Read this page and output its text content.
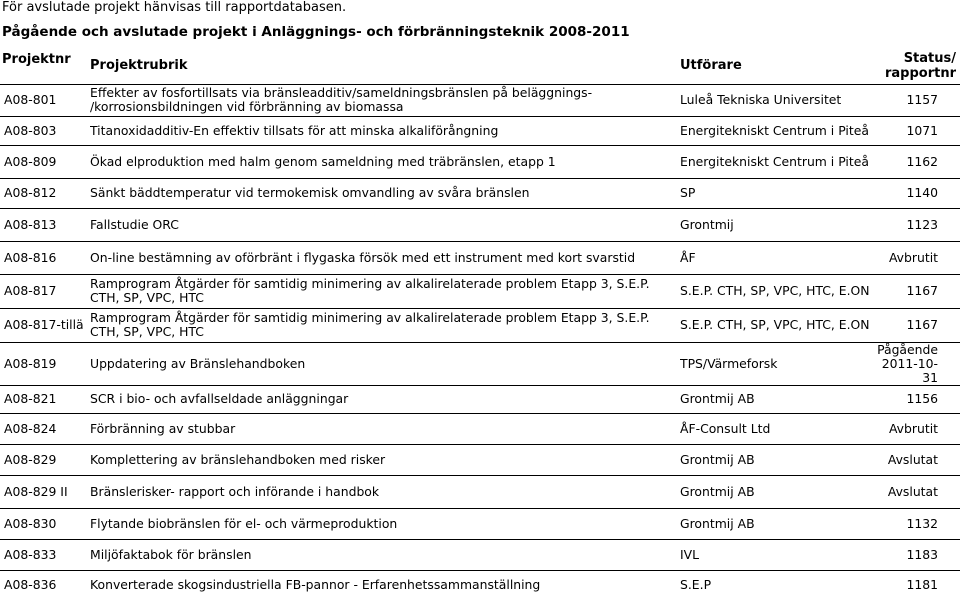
För avslutade projekt hänvisas till rapportdatabasen.
Pågående och avslutade projekt i Anläggnings- och förbränningsteknik 2008-2011
Projektnr	Projektrubrik	Utförare	Status/ rapportnr
A08-801	Effekter av fosfortillsats via bränsleadditiv/sameldningsbränslen på beläggnings- /korrosionsbildningen vid förbränning av biomassa	Luleå Tekniska Universitet	1157
A08-803	Titanoxidadditiv-En effektiv tillsats för att minska alkaliförångning	Energitekniskt Centrum i Piteå	1071
A08-809	Ökad elproduktion med halm genom sameldning med träbränslen, etapp 1	Energitekniskt Centrum i Piteå	1162
A08-812	Sänkt bäddtemperatur vid termokemisk omvandling av svåra bränslen	SP	1140
A08-813	Fallstudie ORC	Grontmij	1123
A08-816	On-line bestämning av oförbränt i flygaska försök med ett instrument med kort svarstid	ÅF	Avbrutit
A08-817	Ramprogram Åtgärder för samtidig minimering av alkalirelaterade problem Etapp 3, S.E.P. CTH, SP, VPC, HTC	S.E.P. CTH, SP, VPC, HTC, E.ON	1167
A08-817-tillä	Ramprogram Åtgärder för samtidig minimering av alkalirelaterade problem Etapp 3, S.E.P. CTH, SP, VPC, HTC	S.E.P. CTH, SP, VPC, HTC, E.ON	1167
A08-819	Uppdatering av Bränslehandboken	TPS/Värmeforsk	Pågående 2011-10-31
A08-821	SCR i bio- och avfallseldade anläggningar	Grontmij AB	1156
A08-824	Förbränning av stubbar	ÅF-Consult Ltd	Avbrutit
A08-829	Komplettering av bränslehandboken med risker	Grontmij AB	Avslutat
A08-829 II	Bränslerisker- rapport och införande i handbok	Grontmij AB	Avslutat
A08-830	Flytande biobränslen för el- och värmeproduktion	Grontmij AB	1132
A08-833	Miljöfaktabok för bränslen	IVL	1183
A08-836	Konverterade skogsindustriella FB-pannor - Erfarenhetssammanställning	S.E.P	1181
